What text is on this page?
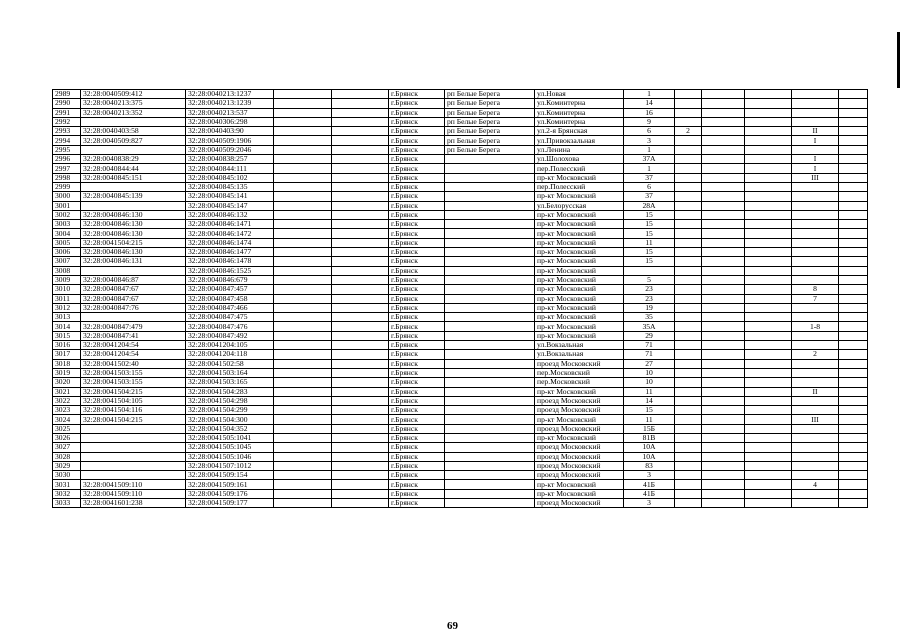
2989	32:28:0040509:412	32:28:0040213:1237			г.Брянск	рп Белые Берега	ул.Новая	1					
2990	32:28:0040213:375	32:28:0040213:1239			г.Брянск	рп Белые Берега	ул.Коминтерна	14					
2991	32:28:0040213:352	32:28:0040213:537			г.Брянск	рп Белые Берега	ул.Коминтерна	16					
2992		32:28:0040306:298			г.Брянск	рп Белые Берега	ул.Коминтерна	9					
2993	32:28:0040403:58	32:28:0040403:90			г.Брянск	рп Белые Берега	ул.2-я Брянская	6	2			II	
2994	32:28:0040509:827	32:28:0040509:1906			г.Брянск	рп Белые Берега	ул.Привокзальная	3				I	
2995		32:28:0040509:2046			г.Брянск	рп Белые Берега	ул.Ленина	1					
2996	32:28:0040838:29	32:28:0040838:257			г.Брянск		ул.Шолохова	37А				I	
2997	32:28:0040844:44	32:28:0040844:111			г.Брянск		пер.Полесский	1				I	
2998	32:28:0040845:151	32:28:0040845:102			г.Брянск		пр-кт Московский	37				III	
2999		32:28:0040845:135			г.Брянск		пер.Полесский	6					
3000	32:28:0040845:139	32:28:0040845:141			г.Брянск		пр-кт Московский	37					
3001		32:28:0040845:147			г.Брянск		ул.Белорусская	28А					
3002	32:28:0040846:130	32:28:0040846:132			г.Брянск		пр-кт Московский	15					
3003	32:28:0040846:130	32:28:0040846:1471			г.Брянск		пр-кт Московский	15					
3004	32:28:0040846:130	32:28:0040846:1472			г.Брянск		пр-кт Московский	15					
3005	32:28:0041504:215	32:28:0040846:1474			г.Брянск		пр-кт Московский	11					
3006	32:28:0040846:130	32:28:0040846:1477			г.Брянск		пр-кт Московский	15					
3007	32:28:0040846:131	32:28:0040846:1478			г.Брянск		пр-кт Московский	15					
3008		32:28:0040846:1525			г.Брянск		пр-кт Московский						
3009	32:28:0040846:87	32:28:0040846:679			г.Брянск		пр-кт Московский	5					
3010	32:28:0040847:67	32:28:0040847:457			г.Брянск		пр-кт Московский	23				8	
3011	32:28:0040847:67	32:28:0040847:458			г.Брянск		пр-кт Московский	23				7	
3012	32:28:0040847:76	32:28:0040847:466			г.Брянск		пр-кт Московский	19					
3013		32:28:0040847:475			г.Брянск		пр-кт Московский	35					
3014	32:28:0040847:479	32:28:0040847:476			г.Брянск		пр-кт Московский	35А				1-8	
3015	32:28:0040847:41	32:28:0040847:492			г.Брянск		пр-кт Московский	29					
3016	32:28:0041204:54	32:28:0041204:105			г.Брянск		ул.Вокзальная	71					
3017	32:28:0041204:54	32:28:0041204:118			г.Брянск		ул.Вокзальная	71				2	
3018	32:28:0041502:40	32:28:0041502:58			г.Брянск		проезд Московский	27					
3019	32:28:0041503:155	32:28:0041503:164			г.Брянск		пер.Московский	10					
3020	32:28:0041503:155	32:28:0041503:165			г.Брянск		пер.Московский	10					
3021	32:28:0041504:215	32:28:0041504:283			г.Брянск		пр-кт Московский	11				II	
3022	32:28:0041504:105	32:28:0041504:298			г.Брянск		проезд Московский	14					
3023	32:28:0041504:116	32:28:0041504:299			г.Брянск		проезд Московский	15					
3024	32:28:0041504:215	32:28:0041504:300			г.Брянск		пр-кт Московский	11				III	
3025		32:28:0041504:352			г.Брянск		проезд Московский	15Б					
3026		32:28:0041505:1041			г.Брянск		пр-кт Московский	81В					
3027		32:28:0041505:1045			г.Брянск		проезд Московский	10А					
3028		32:28:0041505:1046			г.Брянск		проезд Московский	10А					
3029		32:28:0041507:1012			г.Брянск		проезд Московский	83					
3030		32:28:0041509:154			г.Брянск		проезд Московский	3					
3031	32:28:0041509:110	32:28:0041509:161			г.Брянск		пр-кт Московский	41Б				4	
3032	32:28:0041509:110	32:28:0041509:176			г.Брянск		пр-кт Московский	41Б					
3033	32:28:0041601:238	32:28:0041509:177			г.Брянск		проезд Московский	3					
69
